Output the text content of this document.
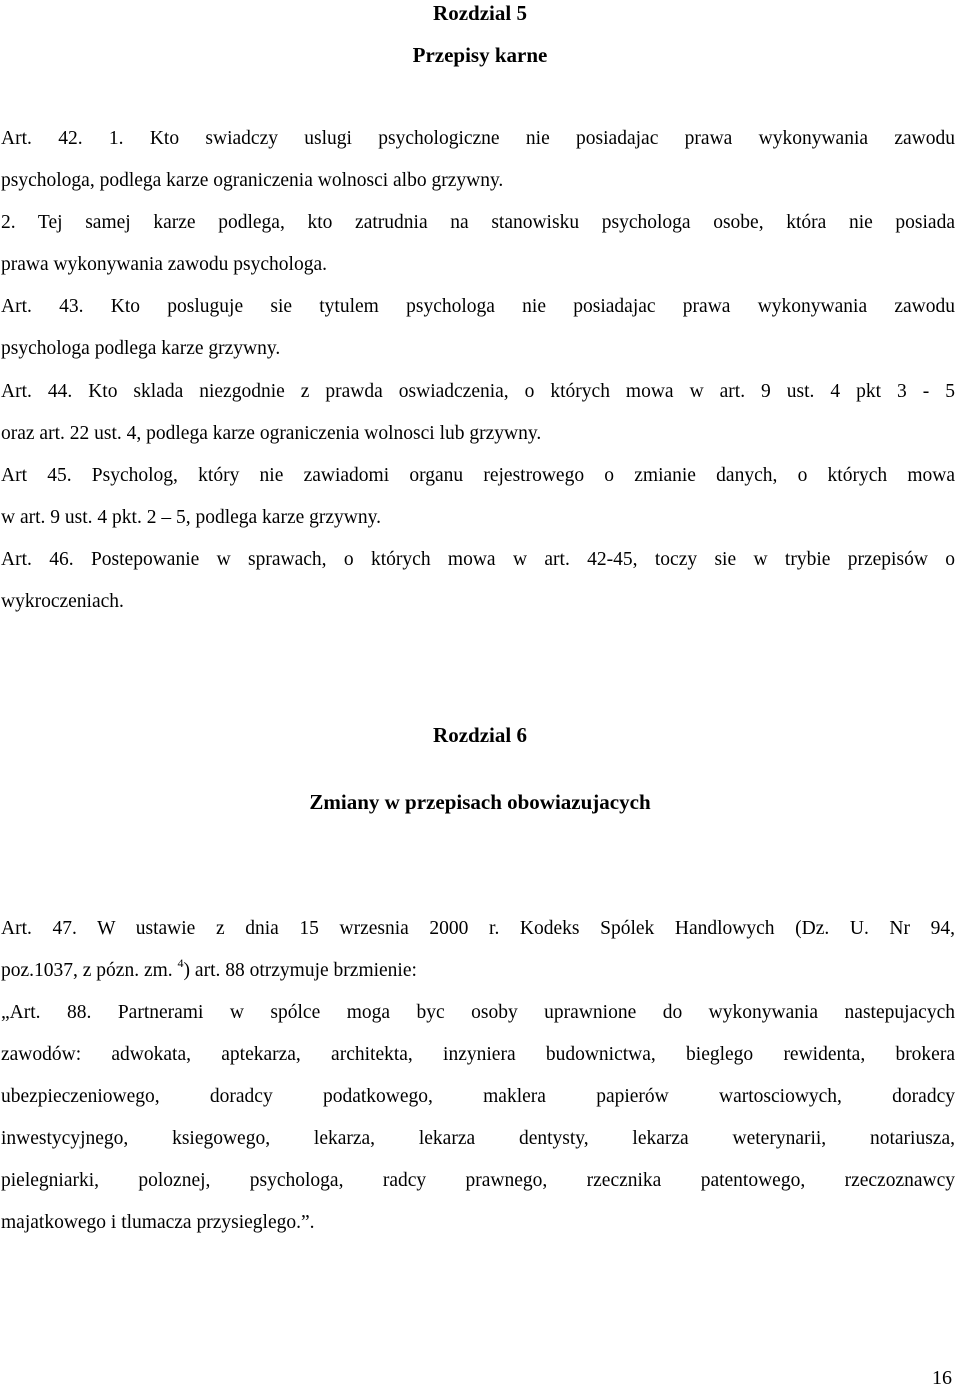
Rozdzial 5
Przepisy karne
Art. 42. 1. Kto swiadczy uslugi psychologiczne nie posiadajac prawa wykonywania zawodu
psychologa, podlega karze ograniczenia wolnosci albo grzywny.
2. Tej samej karze podlega, kto zatrudnia na stanowisku psychologa osobe, która nie posiada
prawa wykonywania zawodu psychologa.
Art. 43. Kto posluguje sie tytulem psychologa nie posiadajac prawa wykonywania zawodu
psychologa podlega karze grzywny.
Art. 44. Kto sklada niezgodnie z prawda oswiadczenia, o których mowa w art. 9 ust. 4 pkt 3 - 5
oraz art. 22 ust. 4, podlega karze ograniczenia wolnosci lub grzywny.
Art 45. Psycholog, który nie zawiadomi organu rejestrowego o zmianie danych, o których mowa
w art. 9 ust. 4 pkt. 2 – 5, podlega karze grzywny.
Art. 46. Postepowanie w sprawach, o których mowa w art. 42-45, toczy sie w trybie przepisów o
wykroczeniach.
Rozdzial 6
Zmiany w przepisach obowiazujacych
Art. 47. W ustawie z dnia 15 wrzesnia 2000 r. Kodeks Spólek Handlowych (Dz. U. Nr 94,
poz.1037, z pózn. zm. $^4$) art. 88 otrzymuje brzmienie:
„Art. 88. Partnerami w spólce moga byc osoby uprawnione do wykonywania nastepujacych
zawodów: adwokata, aptekarza, architekta, inzyniera budownictwa, bieglego rewidenta, brokera
ubezpieczeniowego, doradcy podatkowego, maklera papierów wartosciowych, doradcy
inwestycyjnego, ksiegowego, lekarza, lekarza dentysty, lekarza weterynarii, notariusza,
pielegniarki, poloznej, psychologa, radcy prawnego, rzecznika patentowego, rzeczoznawcy
majatkowego i tlumacza przysieglego.”.
16
